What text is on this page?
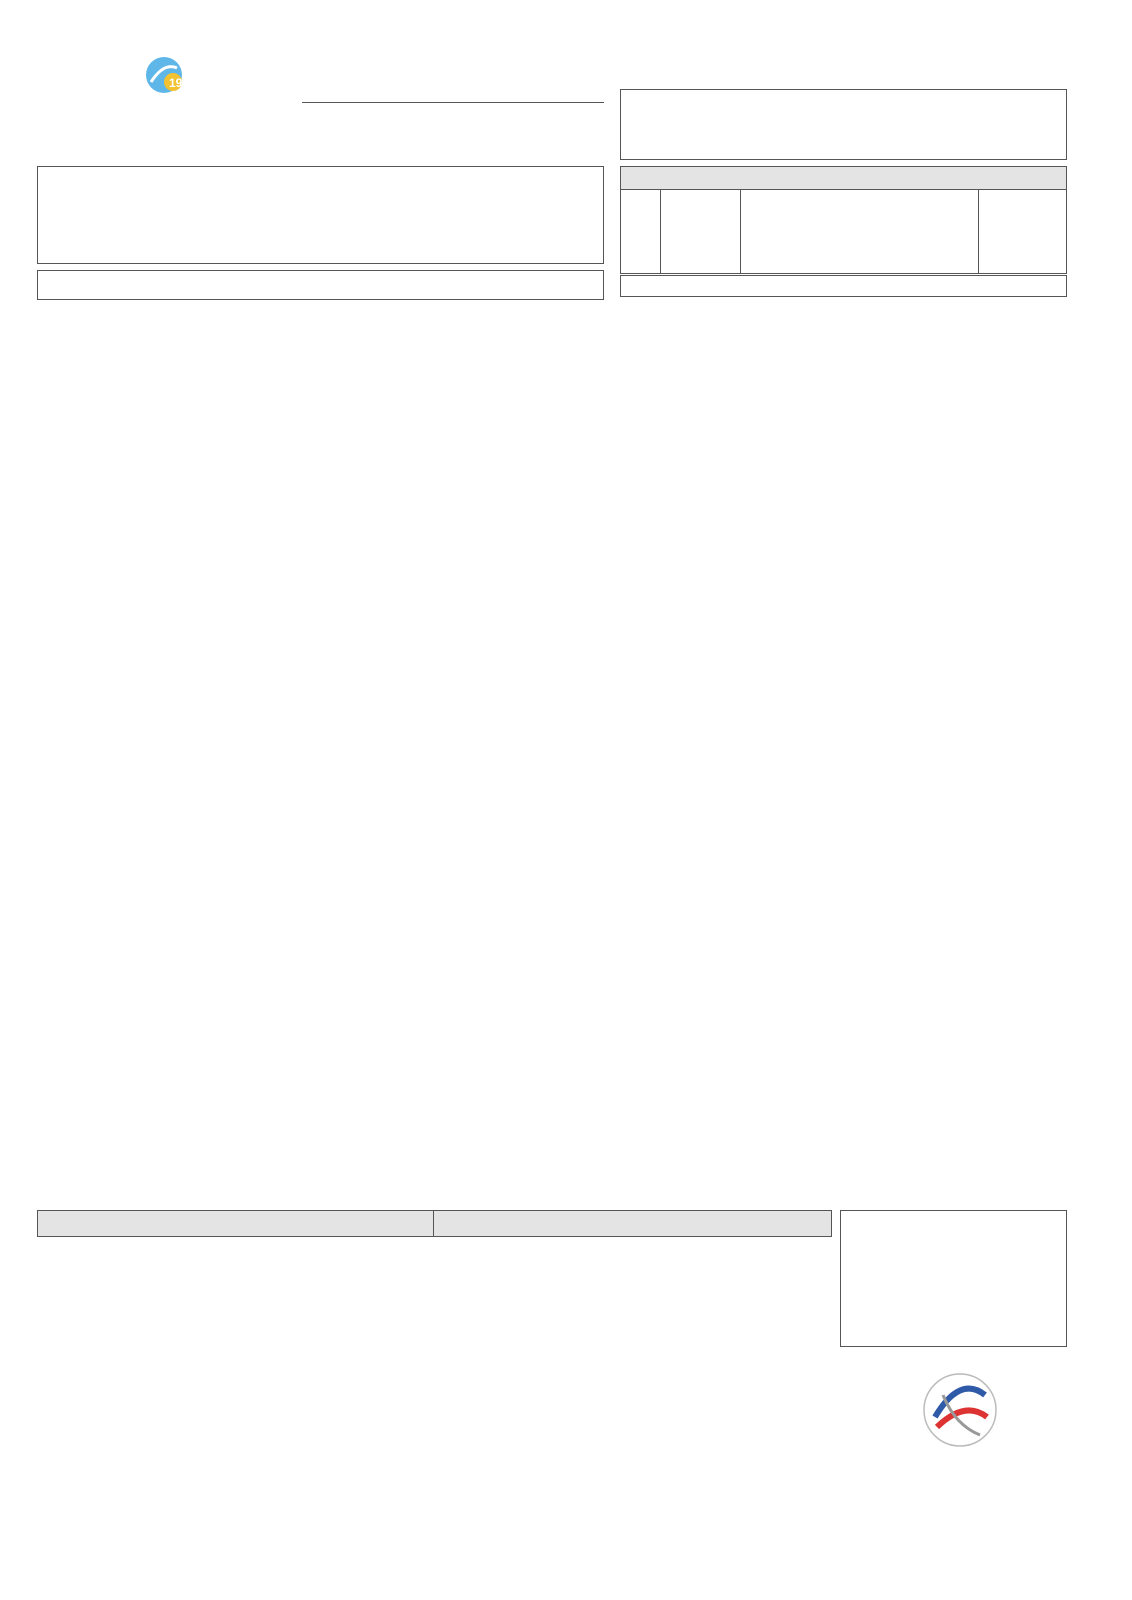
19
